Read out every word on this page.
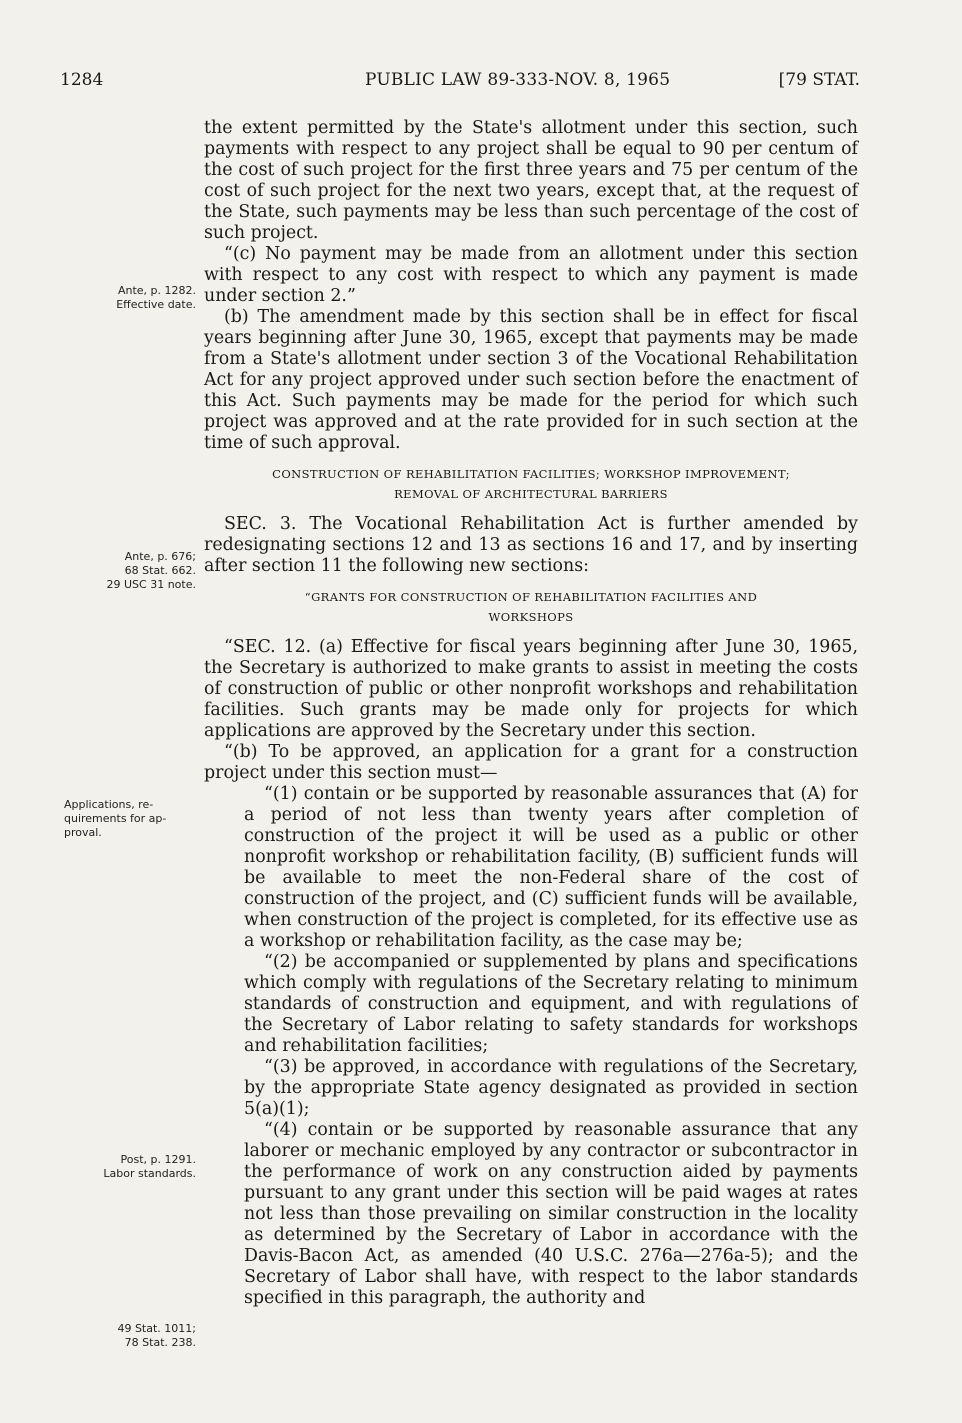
1284	PUBLIC LAW 89-333-NOV. 8, 1965	[79 STAT.
Ante, p. 1282.
Effective date.
Ante, p. 676;
68 Stat. 662.
29 USC 31 note.
Applications, re-
quirements for ap-
proval.
Post, p. 1291.
Labor standards.
49 Stat. 1011;
78 Stat. 238.

the extent permitted by the State's allotment under this section, such payments with respect to any project shall be equal to 90 per centum of the cost of such project for the first three years and 75 per centum of the cost of such project for the next two years, except that, at the request of the State, such payments may be less than such percentage of the cost of such project.

“(c) No payment may be made from an allotment under this section with respect to any cost with respect to which any payment is made under section 2.”

(b) The amendment made by this section shall be in effect for fiscal years beginning after June 30, 1965, except that payments may be made from a State's allotment under section 3 of the Vocational Rehabilitation Act for any project approved under such section before the enactment of this Act. Such payments may be made for the period for which such project was approved and at the rate provided for in such section at the time of such approval.

CONSTRUCTION OF REHABILITATION FACILITIES; WORKSHOP IMPROVEMENT;
REMOVAL OF ARCHITECTURAL BARRIERS

SEC. 3. The Vocational Rehabilitation Act is further amended by redesignating sections 12 and 13 as sections 16 and 17, and by inserting after section 11 the following new sections:

“GRANTS FOR CONSTRUCTION OF REHABILITATION FACILITIES AND
WORKSHOPS

“SEC. 12. (a) Effective for fiscal years beginning after June 30, 1965, the Secretary is authorized to make grants to assist in meeting the costs of construction of public or other nonprofit workshops and rehabilitation facilities. Such grants may be made only for projects for which applications are approved by the Secretary under this section.

“(b) To be approved, an application for a grant for a construction project under this section must—

“(1) contain or be supported by reasonable assurances that (A) for a period of not less than twenty years after completion of construction of the project it will be used as a public or other nonprofit workshop or rehabilitation facility, (B) sufficient funds will be available to meet the non-Federal share of the cost of construction of the project, and (C) sufficient funds will be available, when construction of the project is completed, for its effective use as a workshop or rehabilitation facility, as the case may be;

“(2) be accompanied or supplemented by plans and specifications which comply with regulations of the Secretary relating to minimum standards of construction and equipment, and with regulations of the Secretary of Labor relating to safety standards for workshops and rehabilitation facilities;

“(3) be approved, in accordance with regulations of the Secretary, by the appropriate State agency designated as provided in section 5(a)(1);

“(4) contain or be supported by reasonable assurance that any laborer or mechanic employed by any contractor or subcontractor in the performance of work on any construction aided by payments pursuant to any grant under this section will be paid wages at rates not less than those prevailing on similar construction in the locality as determined by the Secretary of Labor in accordance with the Davis-Bacon Act, as amended (40 U.S.C. 276a—276a-5); and the Secretary of Labor shall have, with respect to the labor standards specified in this paragraph, the authority and
